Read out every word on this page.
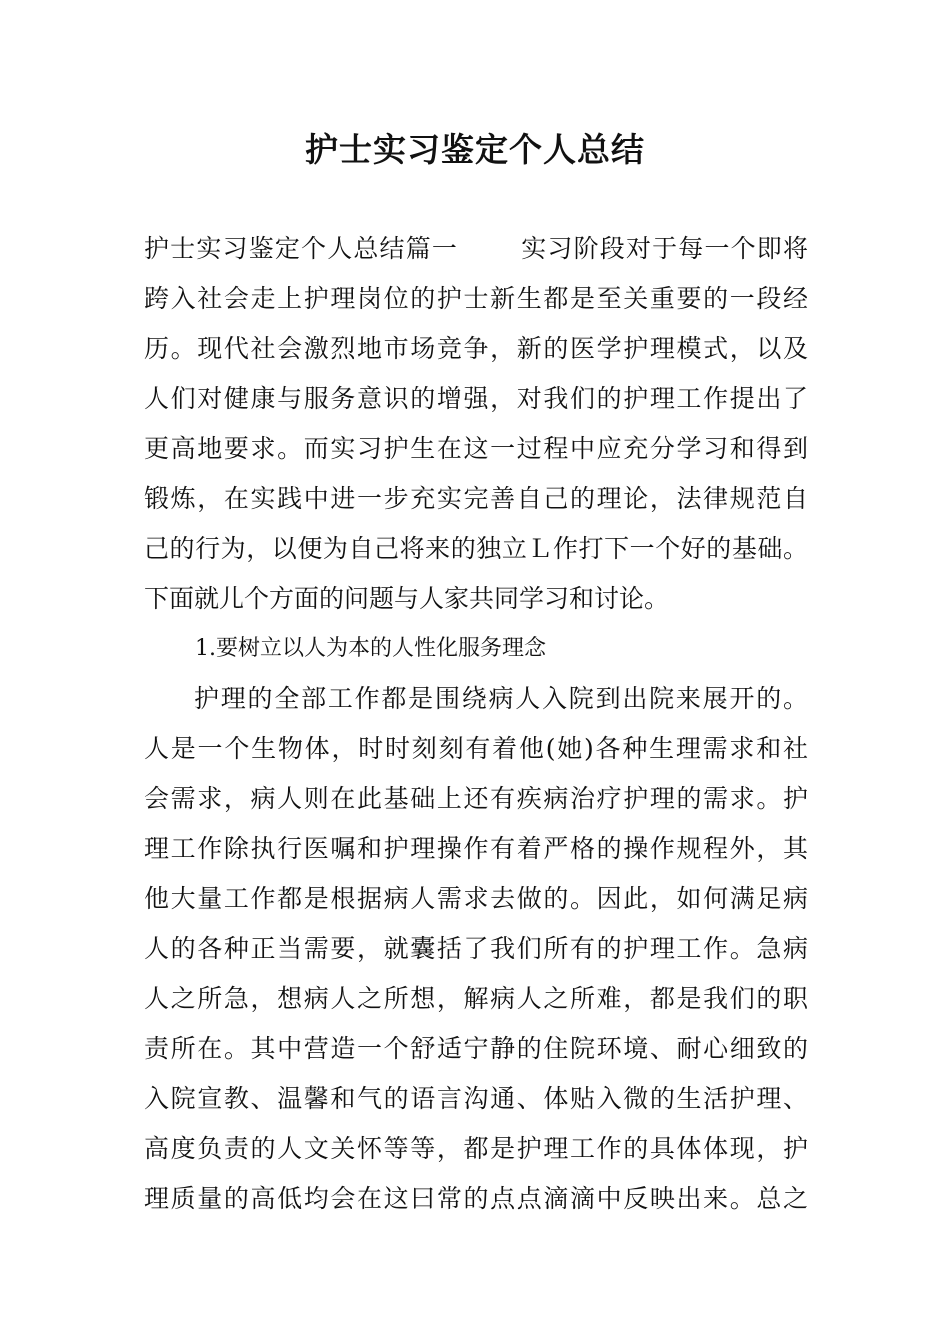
护士实习鉴定个人总结
护士实习鉴定个人总结篇一 实习阶段对于每一个即将
跨入社会走上护理岗位的护士新生都是至关重要的一段经
历。现代社会激烈地市场竞争，新的医学护理模式，以及
人们对健康与服务意识的增强，对我们的护理工作提出了
更高地要求。而实习护生在这一过程中应充分学习和得到
锻炼，在实践中进一步充实完善自己的理论，法律规范自
己的行为，以便为自己将来的独立Ｌ作打下一个好的基础。
下面就儿个方面的问题与人家共同学习和讨论。
1.要树立以人为本的人性化服务理念
护理的全部工作都是围绕病人入院到出院来展开的。
人是一个生物体，时时刻刻有着他(她)各种生理需求和社
会需求，病人则在此基础上还有疾病治疗护理的需求。护
理工作除执行医嘱和护理操作有着严格的操作规程外，其
他大量工作都是根据病人需求去做的。因此，如何满足病
人的各种正当需要，就囊括了我们所有的护理工作。急病
人之所急，想病人之所想，解病人之所难，都是我们的职
责所在。其中营造一个舒适宁静的住院环境、耐心细致的
入院宣教、温馨和气的语言沟通、体贴入微的生活护理、
高度负责的人文关怀等等，都是护理工作的具体体现，护
理质量的高低均会在这曰常的点点滴滴中反映出来。总之
